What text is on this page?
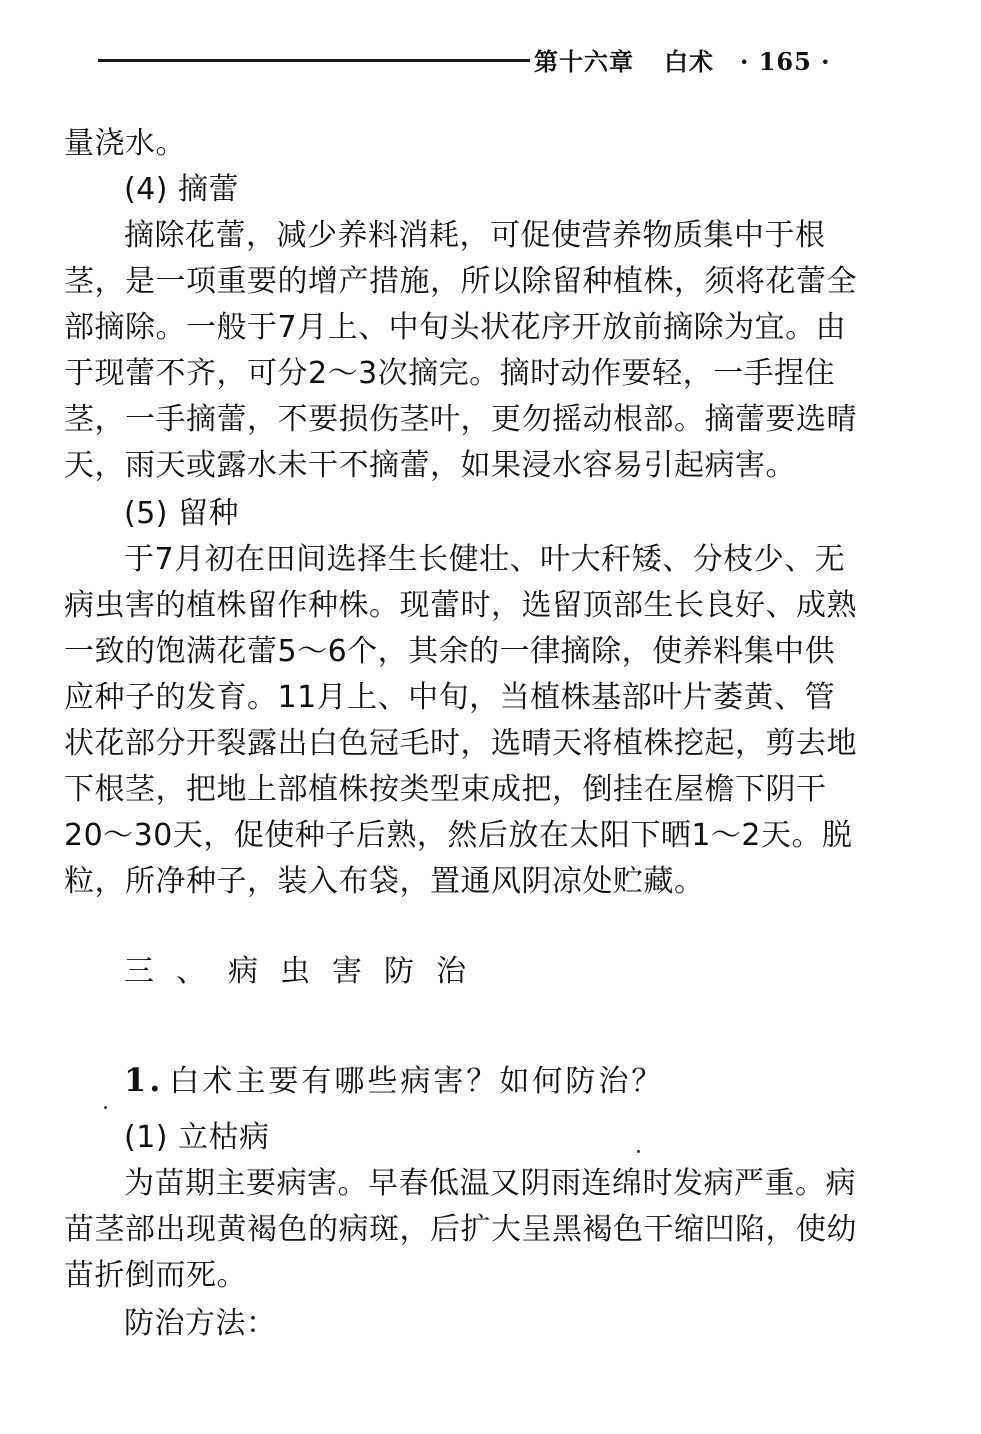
第十六章 白术 · 165 ·
量浇水。
(4) 摘蕾
摘除花蕾，减少养料消耗，可促使营养物质集中于根
茎，是一项重要的增产措施，所以除留种植株，须将花蕾全
部摘除。一般于7月上、中旬头状花序开放前摘除为宜。由
于现蕾不齐，可分2～3次摘完。摘时动作要轻，一手捏住
茎，一手摘蕾，不要损伤茎叶，更勿摇动根部。摘蕾要选晴
天，雨天或露水未干不摘蕾，如果浸水容易引起病害。
(5) 留种
于7月初在田间选择生长健壮、叶大秆矮、分枝少、无
病虫害的植株留作种株。现蕾时，选留顶部生长良好、成熟
一致的饱满花蕾5～6个，其余的一律摘除，使养料集中供
应种子的发育。11月上、中旬，当植株基部叶片萎黄、管
状花部分开裂露出白色冠毛时，选晴天将植株挖起，剪去地
下根茎，把地上部植株按类型束成把，倒挂在屋檐下阴干
20～30天，促使种子后熟，然后放在太阳下晒1～2天。脱
粒，所净种子，装入布袋，置通风阴凉处贮藏。
三、病虫害防治
1. 白术主要有哪些病害？如何防治？
(1) 立枯病
为苗期主要病害。早春低温又阴雨连绵时发病严重。病
苗茎部出现黄褐色的病斑，后扩大呈黑褐色干缩凹陷，使幼
苗折倒而死。
防治方法：
